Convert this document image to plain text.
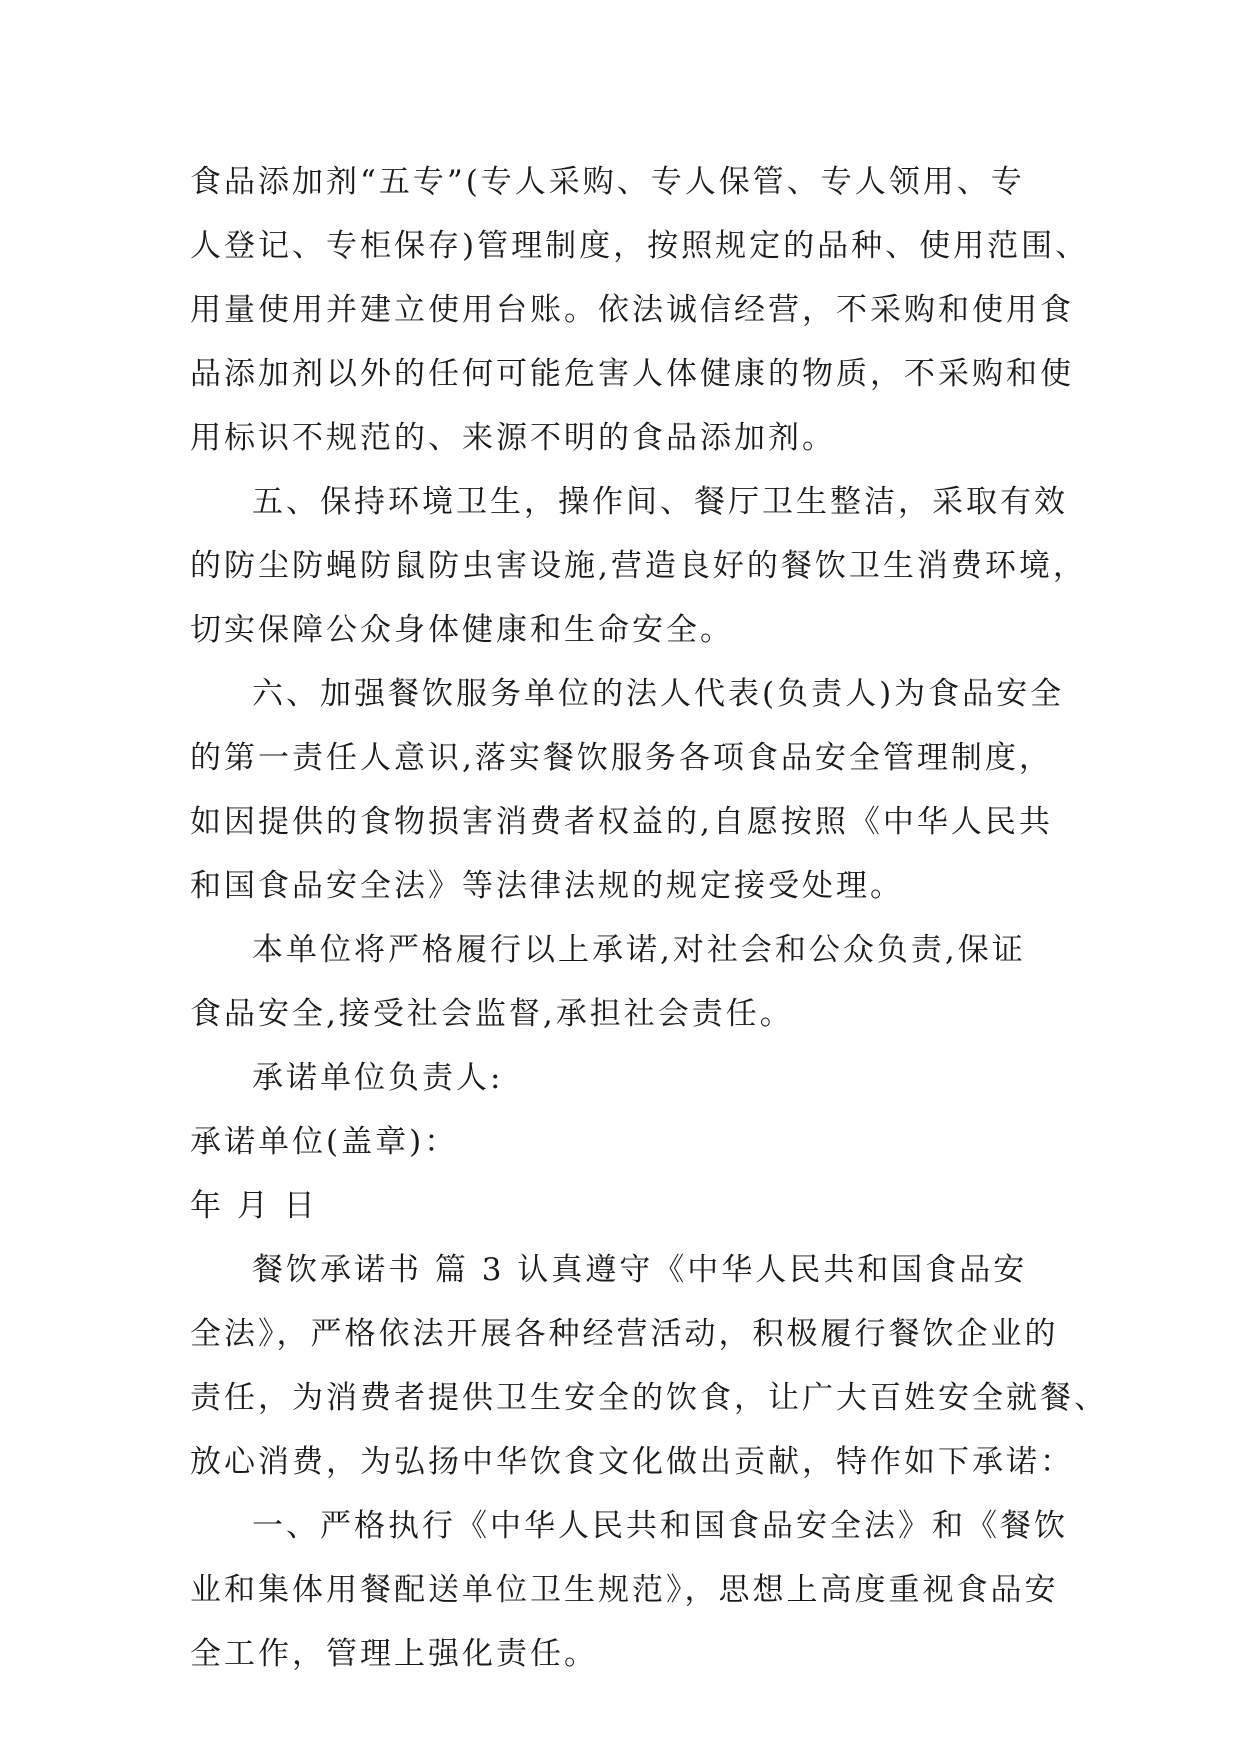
食品添加剂“五专”(专人采购、专人保管、专人领用、专
人登记、专柜保存)管理制度，按照规定的品种、使用范围、
用量使用并建立使用台账。依法诚信经营，不采购和使用食
品添加剂以外的任何可能危害人体健康的物质，不采购和使
用标识不规范的、来源不明的食品添加剂。
五、保持环境卫生，操作间、餐厅卫生整洁，采取有效
的防尘防蝇防鼠防虫害设施,营造良好的餐饮卫生消费环境，
切实保障公众身体健康和生命安全。
六、加强餐饮服务单位的法人代表(负责人)为食品安全
的第一责任人意识,落实餐饮服务各项食品安全管理制度，
如因提供的食物损害消费者权益的,自愿按照《中华人民共
和国食品安全法》等法律法规的规定接受处理。
本单位将严格履行以上承诺,对社会和公众负责,保证
食品安全,接受社会监督,承担社会责任。
承诺单位负责人:
承诺单位(盖章)：
年 月 日
餐饮承诺书 篇 3 认真遵守《中华人民共和国食品安
全法》，严格依法开展各种经营活动，积极履行餐饮企业的
责任，为消费者提供卫生安全的饮食，让广大百姓安全就餐、
放心消费，为弘扬中华饮食文化做出贡献，特作如下承诺：
一、严格执行《中华人民共和国食品安全法》和《餐饮
业和集体用餐配送单位卫生规范》，思想上高度重视食品安
全工作，管理上强化责任。
